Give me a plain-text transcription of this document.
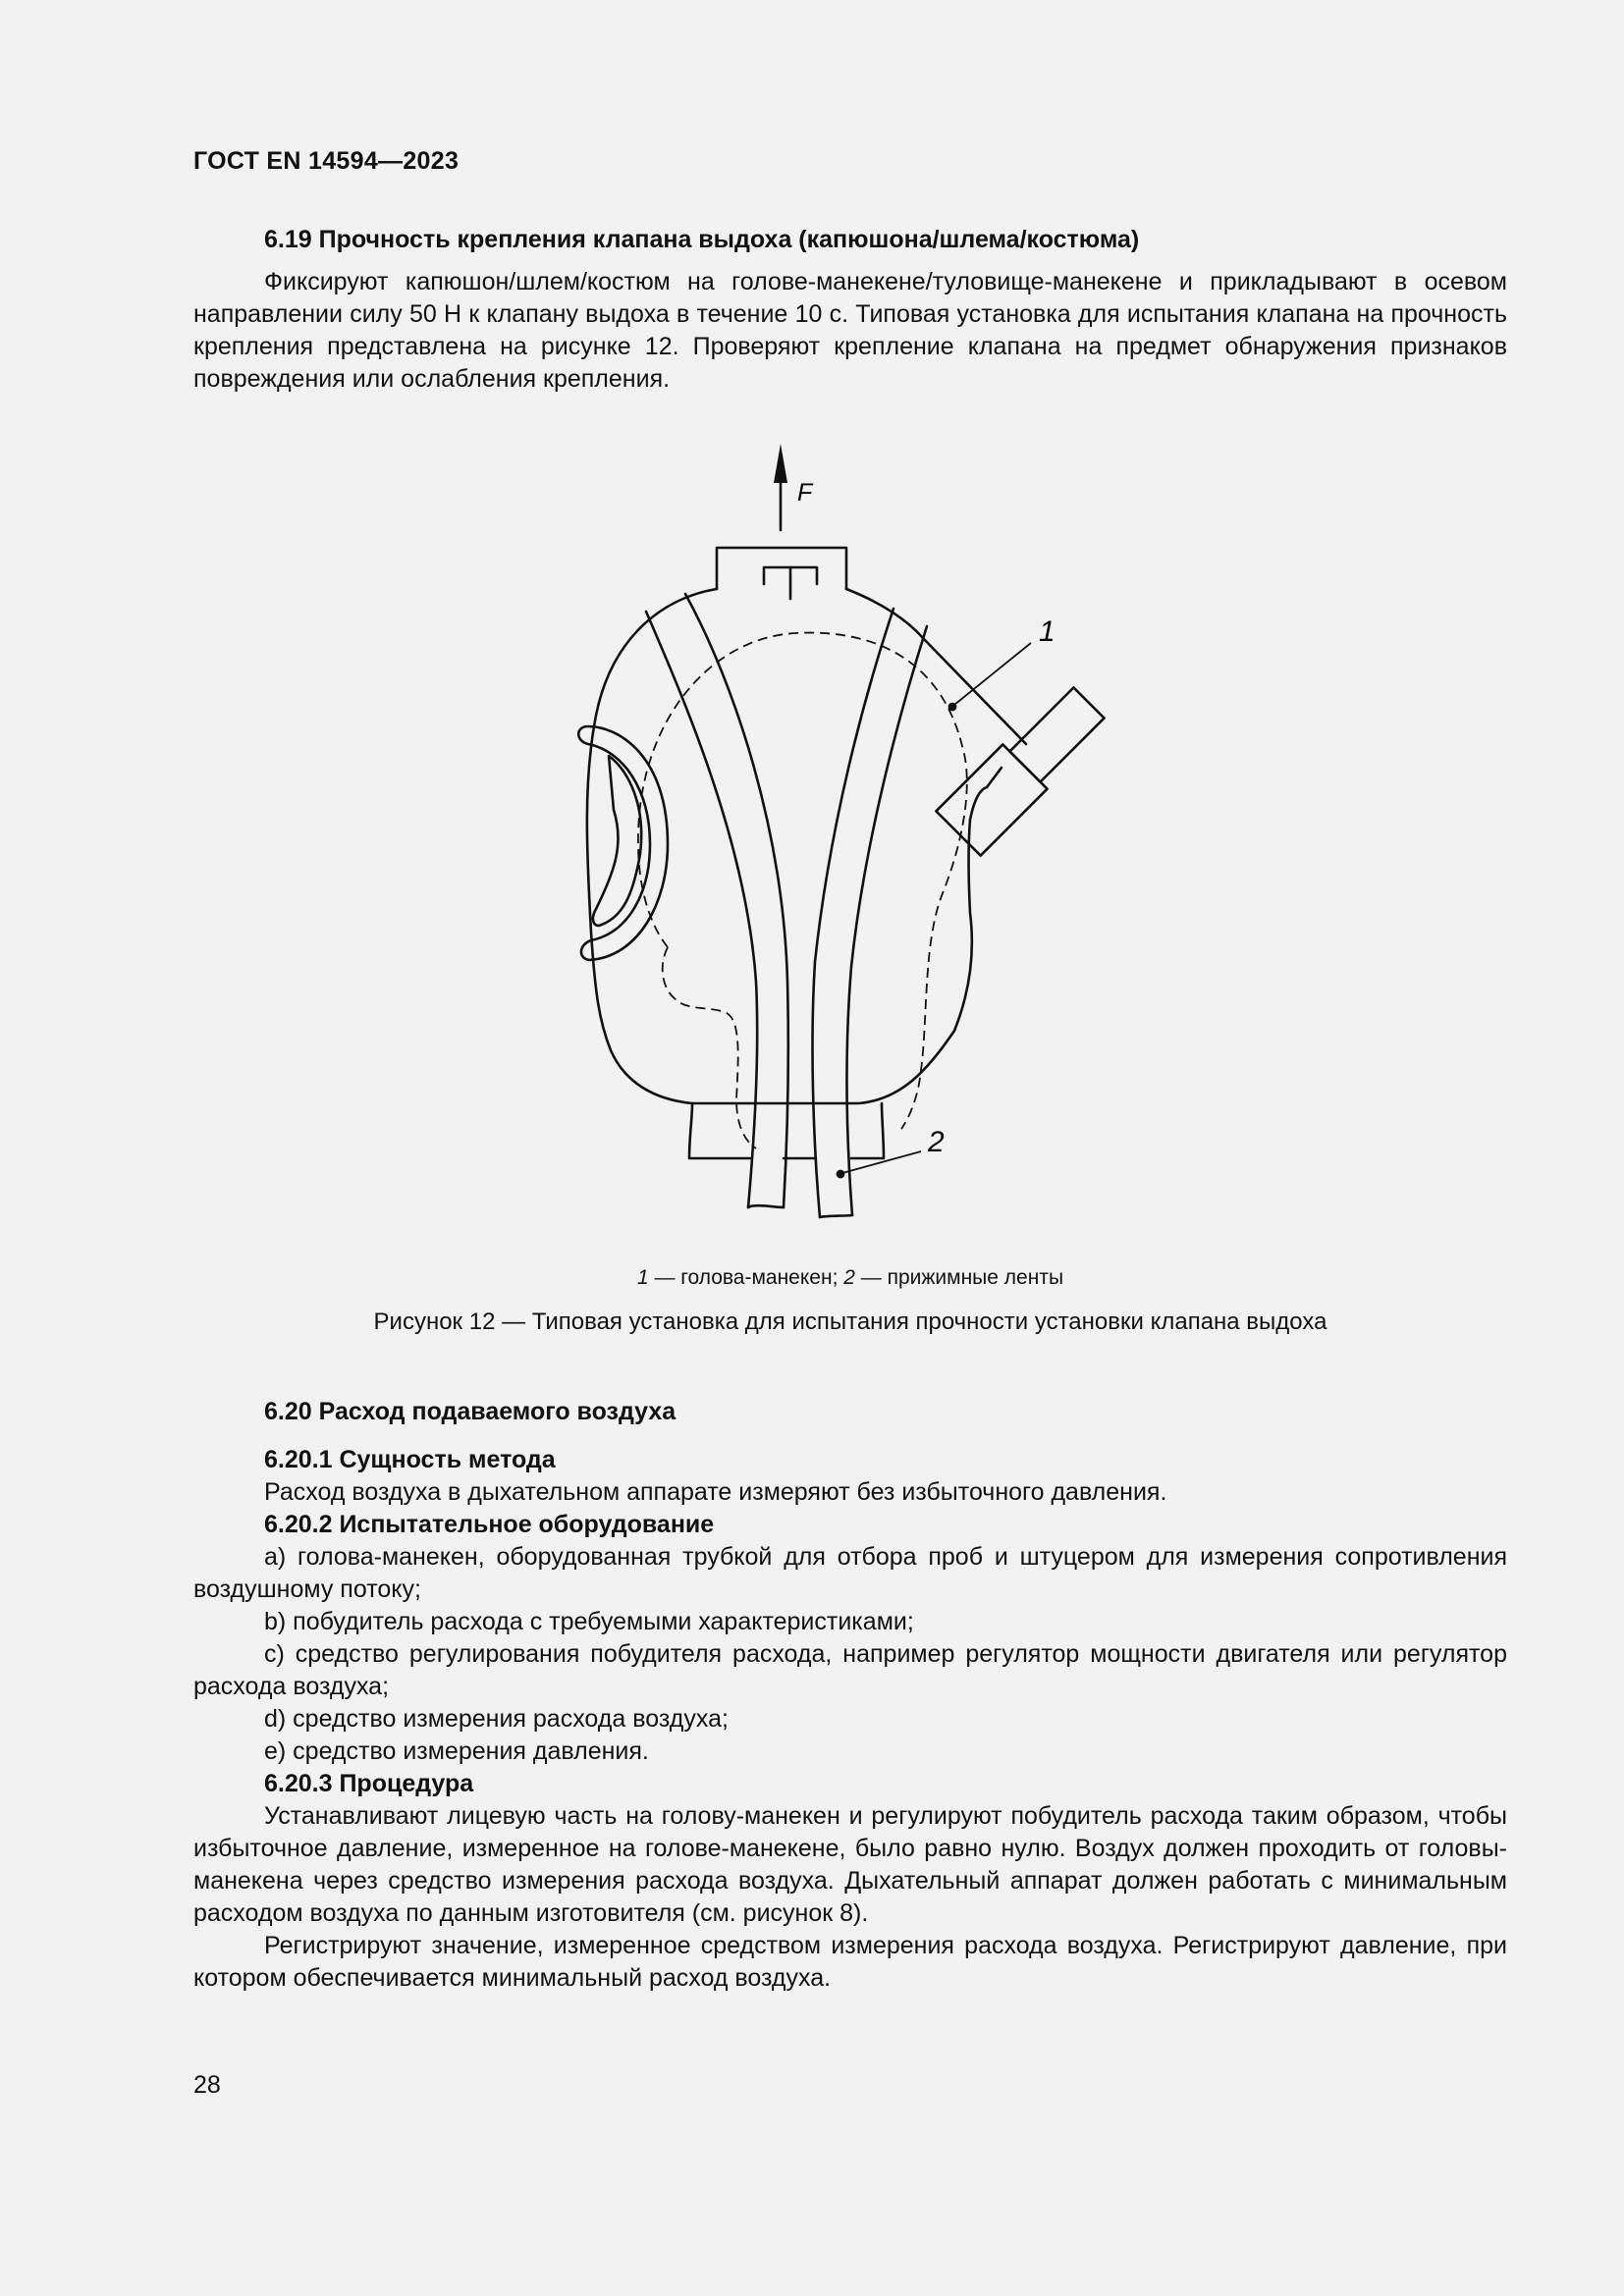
ГОСТ EN 14594—2023

6.19 Прочность крепления клапана выдоха (капюшона/шлема/костюма)

Фиксируют капюшон/шлем/костюм на голове-манекене/туловище-манекене и прикладывают в осевом направлении силу 50 Н к клапану выдоха в течение 10 с. Типовая установка для испытания клапана на прочность крепления представлена на рисунке 12. Проверяют крепление клапана на предмет обнаружения признаков повреждения или ослабления крепления.

F
1
2
1 — голова-манекен; 2 — прижимные ленты
Рисунок 12 — Типовая установка для испытания прочности установки клапана выдоха

6.20 Расход подаваемого воздуха

6.20.1 Сущность метода

Расход воздуха в дыхательном аппарате измеряют без избыточного давления.

6.20.2 Испытательное оборудование

а) голова-манекен, оборудованная трубкой для отбора проб и штуцером для измерения сопротивления воздушному потоку;

b) побудитель расхода с требуемыми характеристиками;

с) средство регулирования побудителя расхода, например регулятор мощности двигателя или регулятор расхода воздуха;

d) средство измерения расхода воздуха;

е) средство измерения давления.

6.20.3 Процедура

Устанавливают лицевую часть на голову-манекен и регулируют побудитель расхода таким образом, чтобы избыточное давление, измеренное на голове-манекене, было равно нулю. Воздух должен проходить от головы-манекена через средство измерения расхода воздуха. Дыхательный аппарат должен работать с минимальным расходом воздуха по данным изготовителя (см. рисунок 8).

Регистрируют значение, измеренное средством измерения расхода воздуха. Регистрируют давление, при котором обеспечивается минимальный расход воздуха.

28
